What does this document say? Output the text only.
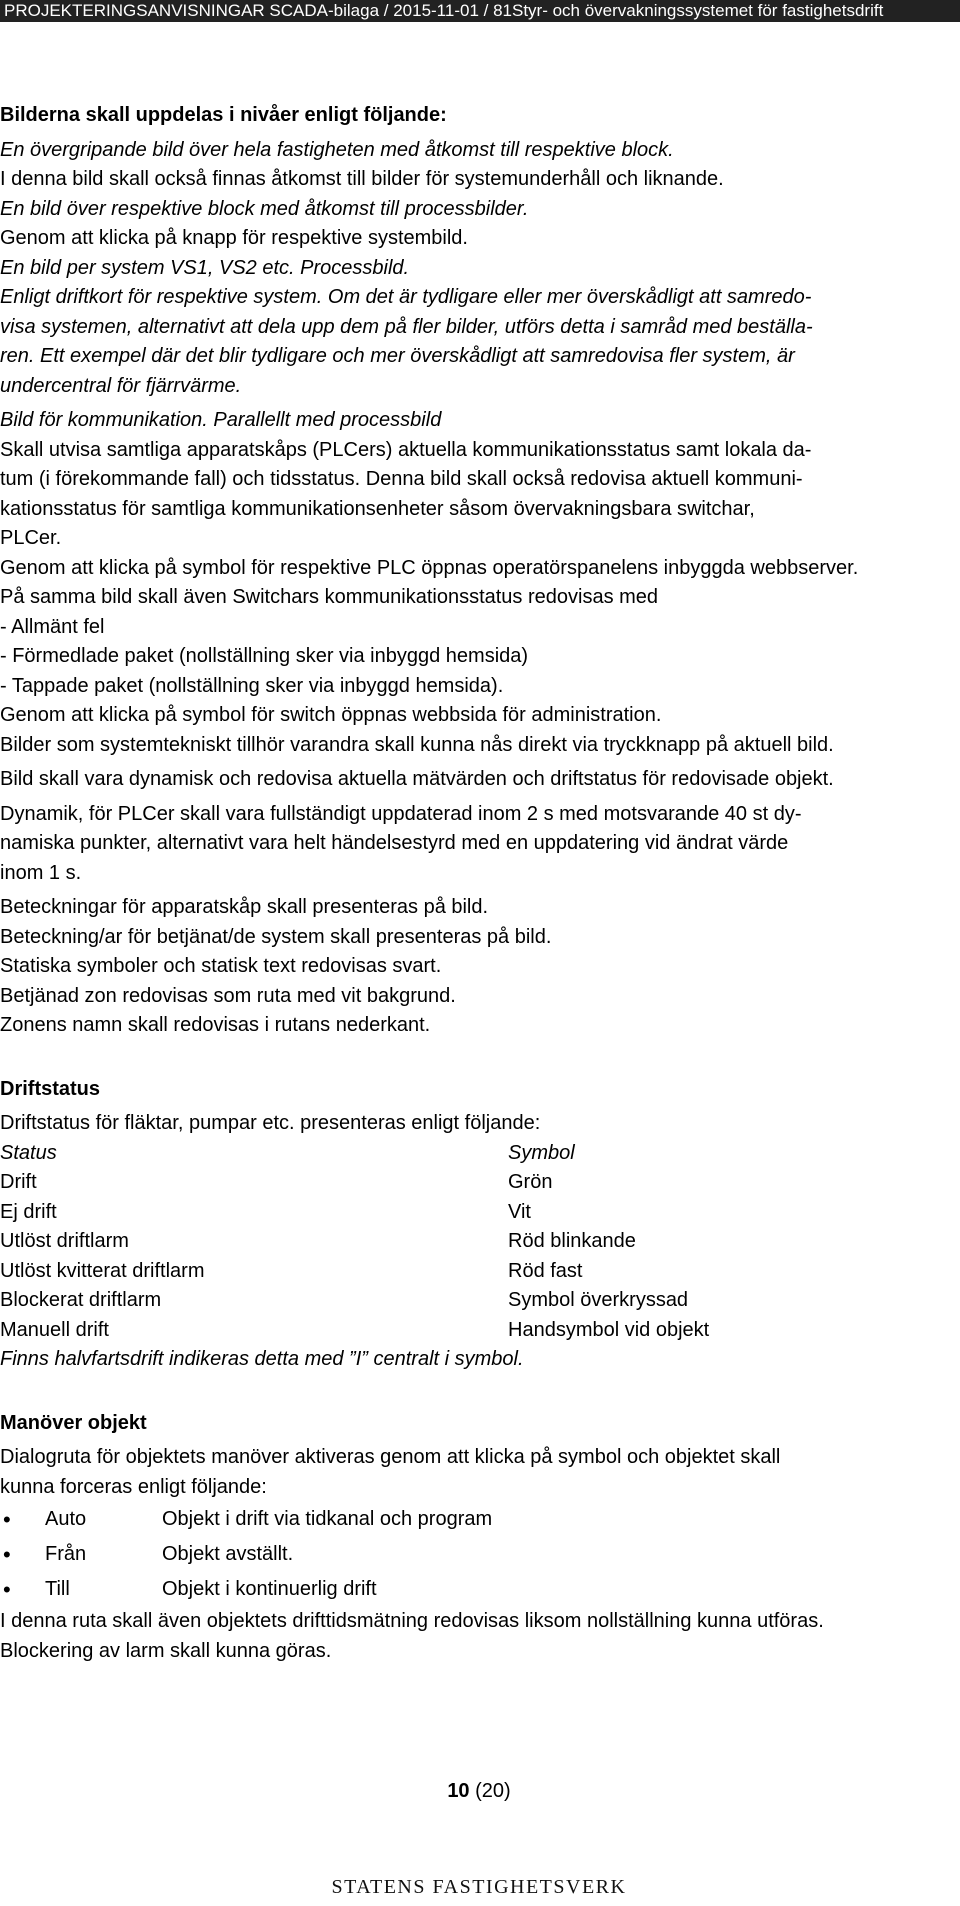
PROJEKTERINGSANVISNINGAR SCADA-bilaga / 2015-11-01 / 81Styr- och övervakningssystemet för fastighetsdrift
Bilderna skall uppdelas i nivåer enligt följande:
En övergripande bild över hela fastigheten med åtkomst till respektive block.
I denna bild skall också finnas åtkomst till bilder för systemunderhåll och liknande.
En bild över respektive block med åtkomst till processbilder.
Genom att klicka på knapp för respektive systembild.
En bild per system VS1, VS2 etc. Processbild.
Enligt driftkort för respektive system. Om det är tydligare eller mer överskådligt att samredo-
visa systemen, alternativt att dela upp dem på fler bilder, utförs detta i samråd med beställa-
ren. Ett exempel där det blir tydligare och mer överskådligt att samredovisa fler system, är
undercentral för fjärrvärme.
Bild för kommunikation. Parallellt med processbild
Skall utvisa samtliga apparatskåps (PLCers) aktuella kommunikationsstatus samt lokala da-
tum (i förekommande fall) och tidsstatus. Denna bild skall också redovisa aktuell kommuni-
kationsstatus för samtliga kommunikationsenheter såsom övervakningsbara switchar,
PLCer.
Genom att klicka på symbol för respektive PLC öppnas operatörspanelens inbyggda webbserver.
På samma bild skall även Switchars kommunikationsstatus redovisas med
- Allmänt fel
- Förmedlade paket (nollställning sker via inbyggd hemsida)
- Tappade paket (nollställning sker via inbyggd hemsida).
Genom att klicka på symbol för switch öppnas webbsida för administration.
Bilder som systemtekniskt tillhör varandra skall kunna nås direkt via tryckknapp på aktuell bild.
Bild skall vara dynamisk och redovisa aktuella mätvärden och driftstatus för redovisade objekt.
Dynamik, för PLCer skall vara fullständigt uppdaterad inom 2 s med motsvarande 40 st dy-
namiska punkter, alternativt vara helt händelsestyrd med en uppdatering vid ändrat värde
inom 1 s.
Beteckningar för apparatskåp skall presenteras på bild.
Beteckning/ar för betjänat/de system skall presenteras på bild.
Statiska symboler och statisk text redovisas svart.
Betjänad zon redovisas som ruta med vit bakgrund.
Zonens namn skall redovisas i rutans nederkant.
Driftstatus
Driftstatus för fläktar, pumpar etc. presenteras enligt följande:
Status	Symbol
Drift	Grön
Ej drift	Vit
Utlöst driftlarm	Röd blinkande
Utlöst kvitterat driftlarm	Röd fast
Blockerat driftlarm	Symbol överkryssad
Manuell drift	Handsymbol vid objekt
Finns halvfartsdrift indikeras detta med ”I” centralt i symbol.
Manöver objekt
Dialogruta för objektets manöver aktiveras genom att klicka på symbol och objektet skall
kunna forceras enligt följande:
•	Auto	Objekt i drift via tidkanal och program
•	Från	Objekt avställt.
•	Till	Objekt i kontinuerlig drift
I denna ruta skall även objektets drifttidsmätning redovisas liksom nollställning kunna utföras.
Blockering av larm skall kunna göras.
10 (20)
STATENS FASTIGHETSVERK
